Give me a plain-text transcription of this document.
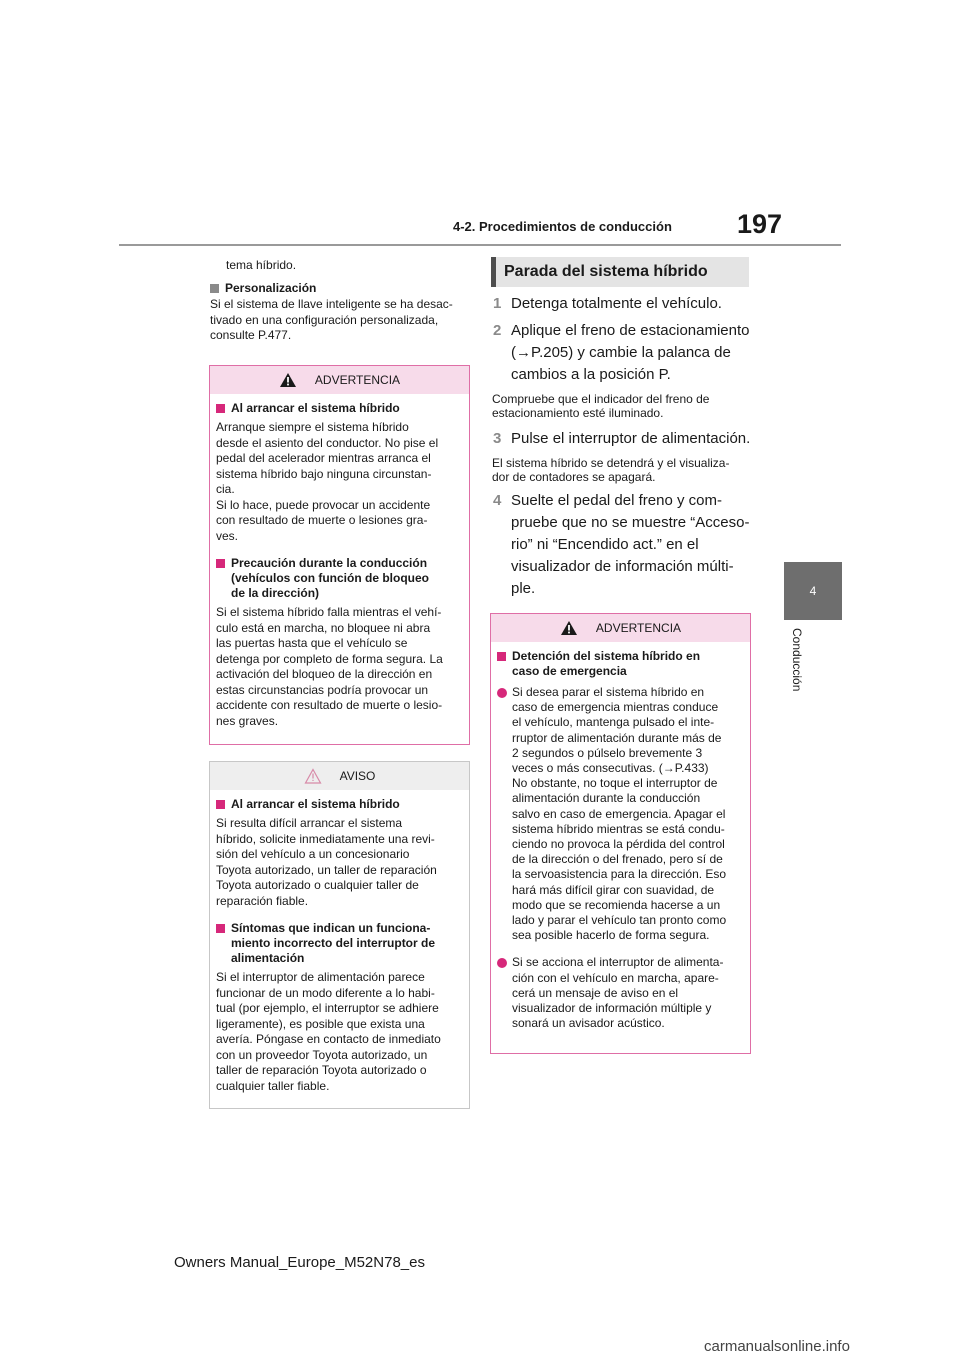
4-2. Procedimientos de conducción 197
4
Conducción
tema híbrido.
Personalización
Si el sistema de llave inteligente se ha desac-
tivado en una configuración personalizada,
consulte P.477.
ADVERTENCIA
Al arrancar el sistema híbrido
Arranque siempre el sistema híbrido
desde el asiento del conductor. No pise el
pedal del acelerador mientras arranca el
sistema híbrido bajo ninguna circunstan-
cia.
Si lo hace, puede provocar un accidente
con resultado de muerte o lesiones gra-
ves.
Precaución durante la conducción
(vehículos con función de bloqueo
de la dirección)
Si el sistema híbrido falla mientras el vehí-
culo está en marcha, no bloquee ni abra
las puertas hasta que el vehículo se
detenga por completo de forma segura. La
activación del bloqueo de la dirección en
estas circunstancias podría provocar un
accidente con resultado de muerte o lesio-
nes graves.
AVISO
Al arrancar el sistema híbrido
Si resulta difícil arrancar el sistema
híbrido, solicite inmediatamente una revi-
sión del vehículo a un concesionario
Toyota autorizado, un taller de reparación
Toyota autorizado o cualquier taller de
reparación fiable.
Síntomas que indican un funciona-
miento incorrecto del interruptor de
alimentación
Si el interruptor de alimentación parece
funcionar de un modo diferente a lo habi-
tual (por ejemplo, el interruptor se adhiere
ligeramente), es posible que exista una
avería. Póngase en contacto de inmediato
con un proveedor Toyota autorizado, un
taller de reparación Toyota autorizado o
cualquier taller fiable.
Parada del sistema híbrido
1 Detenga totalmente el vehículo.
2 Aplique el freno de estacionamiento
(→P.205) y cambie la palanca de
cambios a la posición P.
Compruebe que el indicador del freno de
estacionamiento esté iluminado.
3 Pulse el interruptor de alimentación.
El sistema híbrido se detendrá y el visualiza-
dor de contadores se apagará.
4 Suelte el pedal del freno y com-
pruebe que no se muestre “Acceso-
rio” ni “Encendido act.” en el
visualizador de información múlti-
ple.
ADVERTENCIA
Detención del sistema híbrido en
caso de emergencia
Si desea parar el sistema híbrido en
caso de emergencia mientras conduce
el vehículo, mantenga pulsado el inte-
rruptor de alimentación durante más de
2 segundos o púlselo brevemente 3
veces o más consecutivas. (→P.433)
No obstante, no toque el interruptor de
alimentación durante la conducción
salvo en caso de emergencia. Apagar el
sistema híbrido mientras se está condu-
ciendo no provoca la pérdida del control
de la dirección o del frenado, pero sí de
la servoasistencia para la dirección. Eso
hará más difícil girar con suavidad, de
modo que se recomienda hacerse a un
lado y parar el vehículo tan pronto como
sea posible hacerlo de forma segura.
Si se acciona el interruptor de alimenta-
ción con el vehículo en marcha, apare-
cerá un mensaje de aviso en el
visualizador de información múltiple y
sonará un avisador acústico.
Owners Manual_Europe_M52N78_es
carmanualsonline.info
